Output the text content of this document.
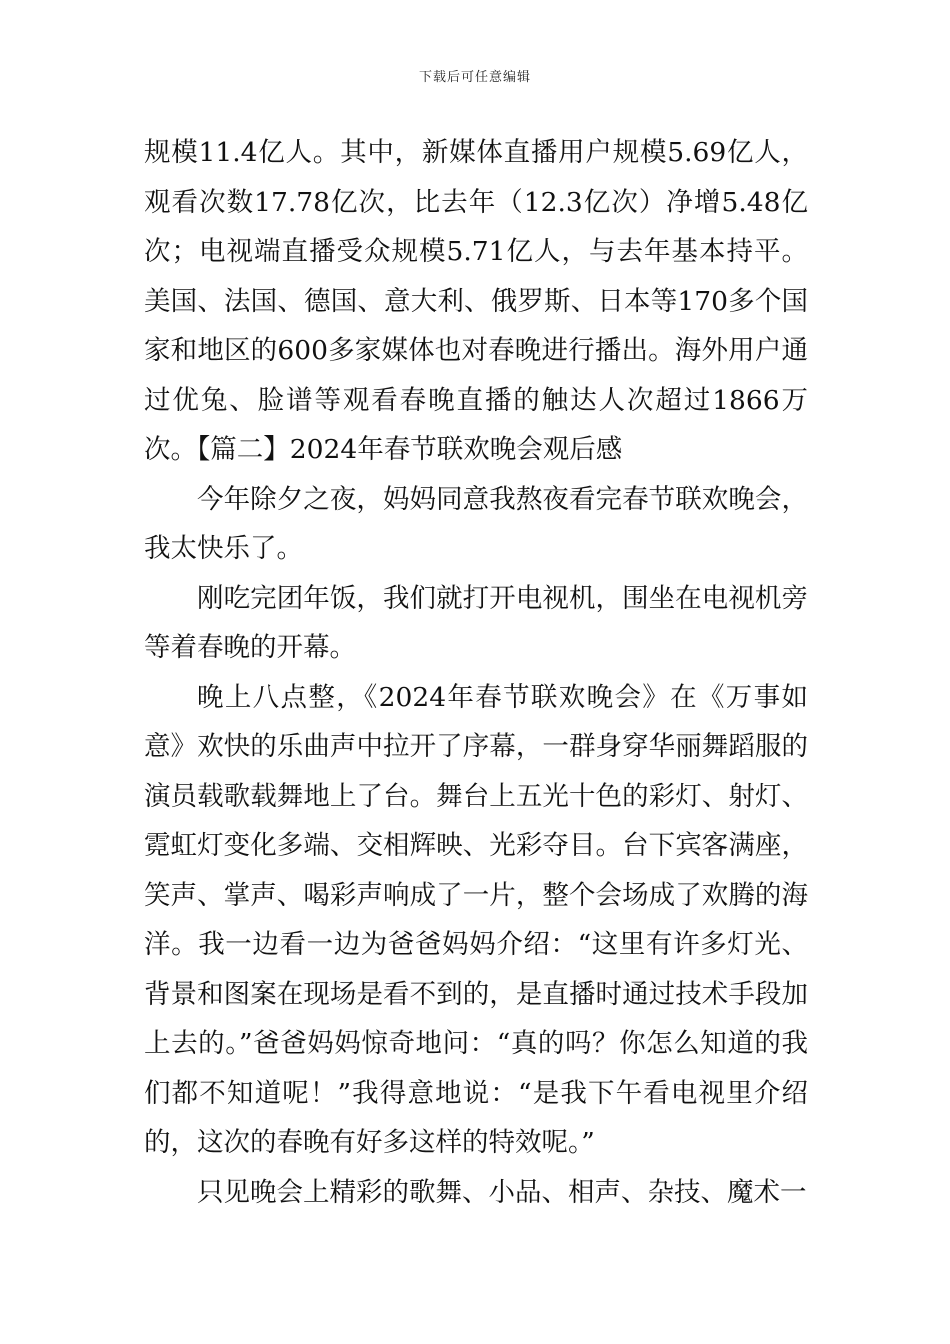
下载后可任意编辑

规模11.4亿人。其中，新媒体直播用户规模5.69亿人，观看次数17.78亿次，比去年（12.3亿次）净增5.48亿次；电视端直播受众规模5.71亿人，与去年基本持平。美国、法国、德国、意大利、俄罗斯、日本等170多个国家和地区的600多家媒体也对春晚进行播出。海外用户通过优兔、脸谱等观看春晚直播的触达人次超过1866万次。【篇二】2024年春节联欢晚会观后感

今年除夕之夜，妈妈同意我熬夜看完春节联欢晚会，我太快乐了。

刚吃完团年饭，我们就打开电视机，围坐在电视机旁等着春晚的开幕。

晚上八点整，《2024年春节联欢晚会》在《万事如意》欢快的乐曲声中拉开了序幕，一群身穿华丽舞蹈服的演员载歌载舞地上了台。舞台上五光十色的彩灯、射灯、霓虹灯变化多端、交相辉映、光彩夺目。台下宾客满座，笑声、掌声、喝彩声响成了一片，整个会场成了欢腾的海洋。我一边看一边为爸爸妈妈介绍：“这里有许多灯光、背景和图案在现场是看不到的，是直播时通过技术手段加上去的。”爸爸妈妈惊奇地问：“真的吗？你怎么知道的我们都不知道呢！”我得意地说：“是我下午看电视里介绍的，这次的春晚有好多这样的特效呢。”

只见晚会上精彩的歌舞、小品、相声、杂技、魔术一
